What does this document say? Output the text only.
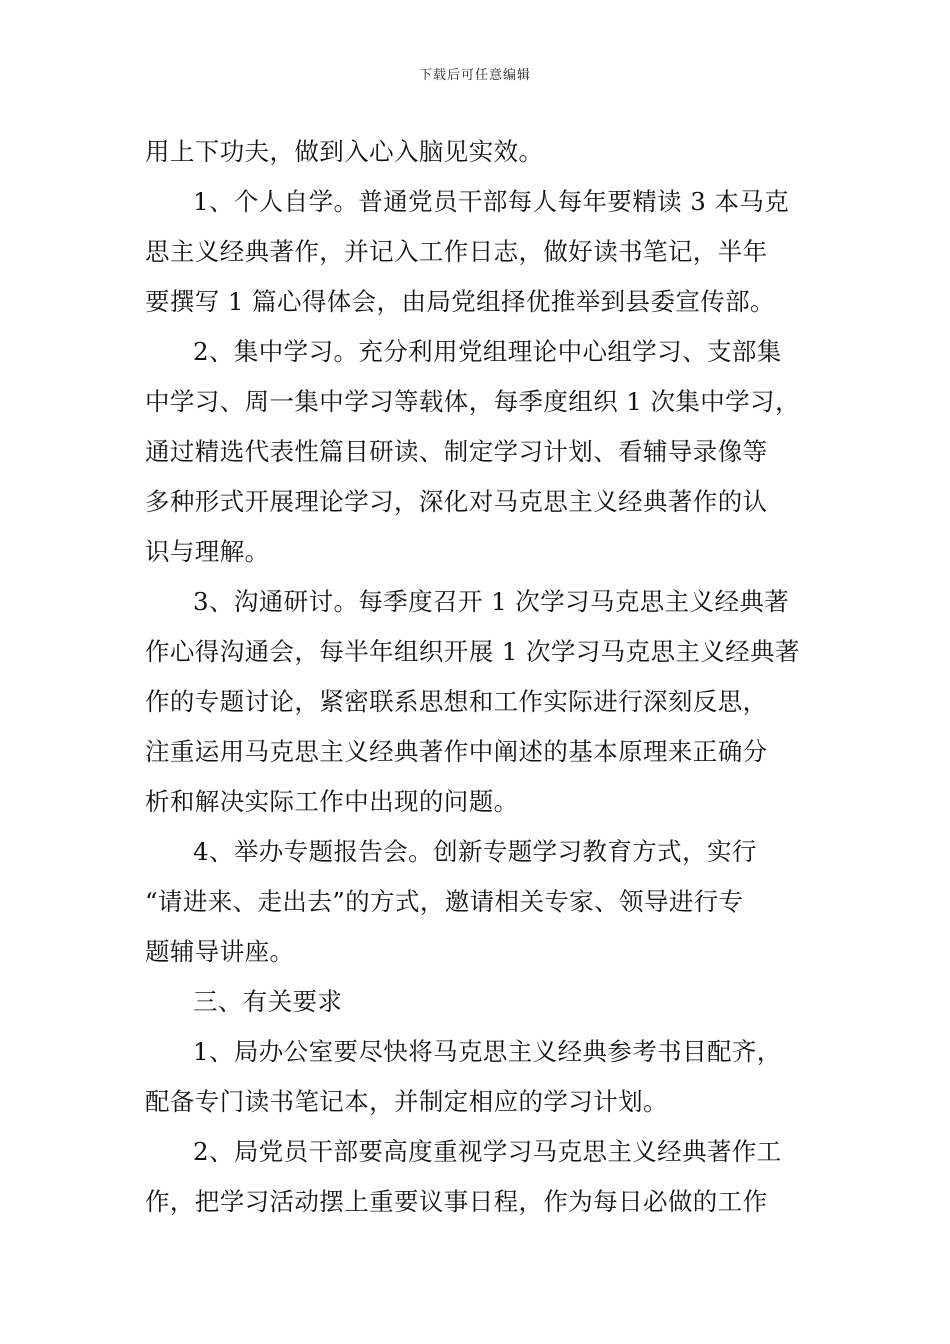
下载后可任意编辑
用上下功夫，做到入心入脑见实效。
1、个人自学。普通党员干部每人每年要精读 3 本马克
思主义经典著作，并记入工作日志，做好读书笔记，半年
要撰写 1 篇心得体会，由局党组择优推举到县委宣传部。
2、集中学习。充分利用党组理论中心组学习、支部集
中学习、周一集中学习等载体，每季度组织 1 次集中学习，
通过精选代表性篇目研读、制定学习计划、看辅导录像等
多种形式开展理论学习，深化对马克思主义经典著作的认
识与理解。
3、沟通研讨。每季度召开 1 次学习马克思主义经典著
作心得沟通会，每半年组织开展 1 次学习马克思主义经典著
作的专题讨论，紧密联系思想和工作实际进行深刻反思，
注重运用马克思主义经典著作中阐述的基本原理来正确分
析和解决实际工作中出现的问题。
4、举办专题报告会。创新专题学习教育方式，实行
“请进来、走出去”的方式，邀请相关专家、领导进行专
题辅导讲座。
三、有关要求
1、局办公室要尽快将马克思主义经典参考书目配齐，
配备专门读书笔记本，并制定相应的学习计划。
2、局党员干部要高度重视学习马克思主义经典著作工
作，把学习活动摆上重要议事日程，作为每日必做的工作
